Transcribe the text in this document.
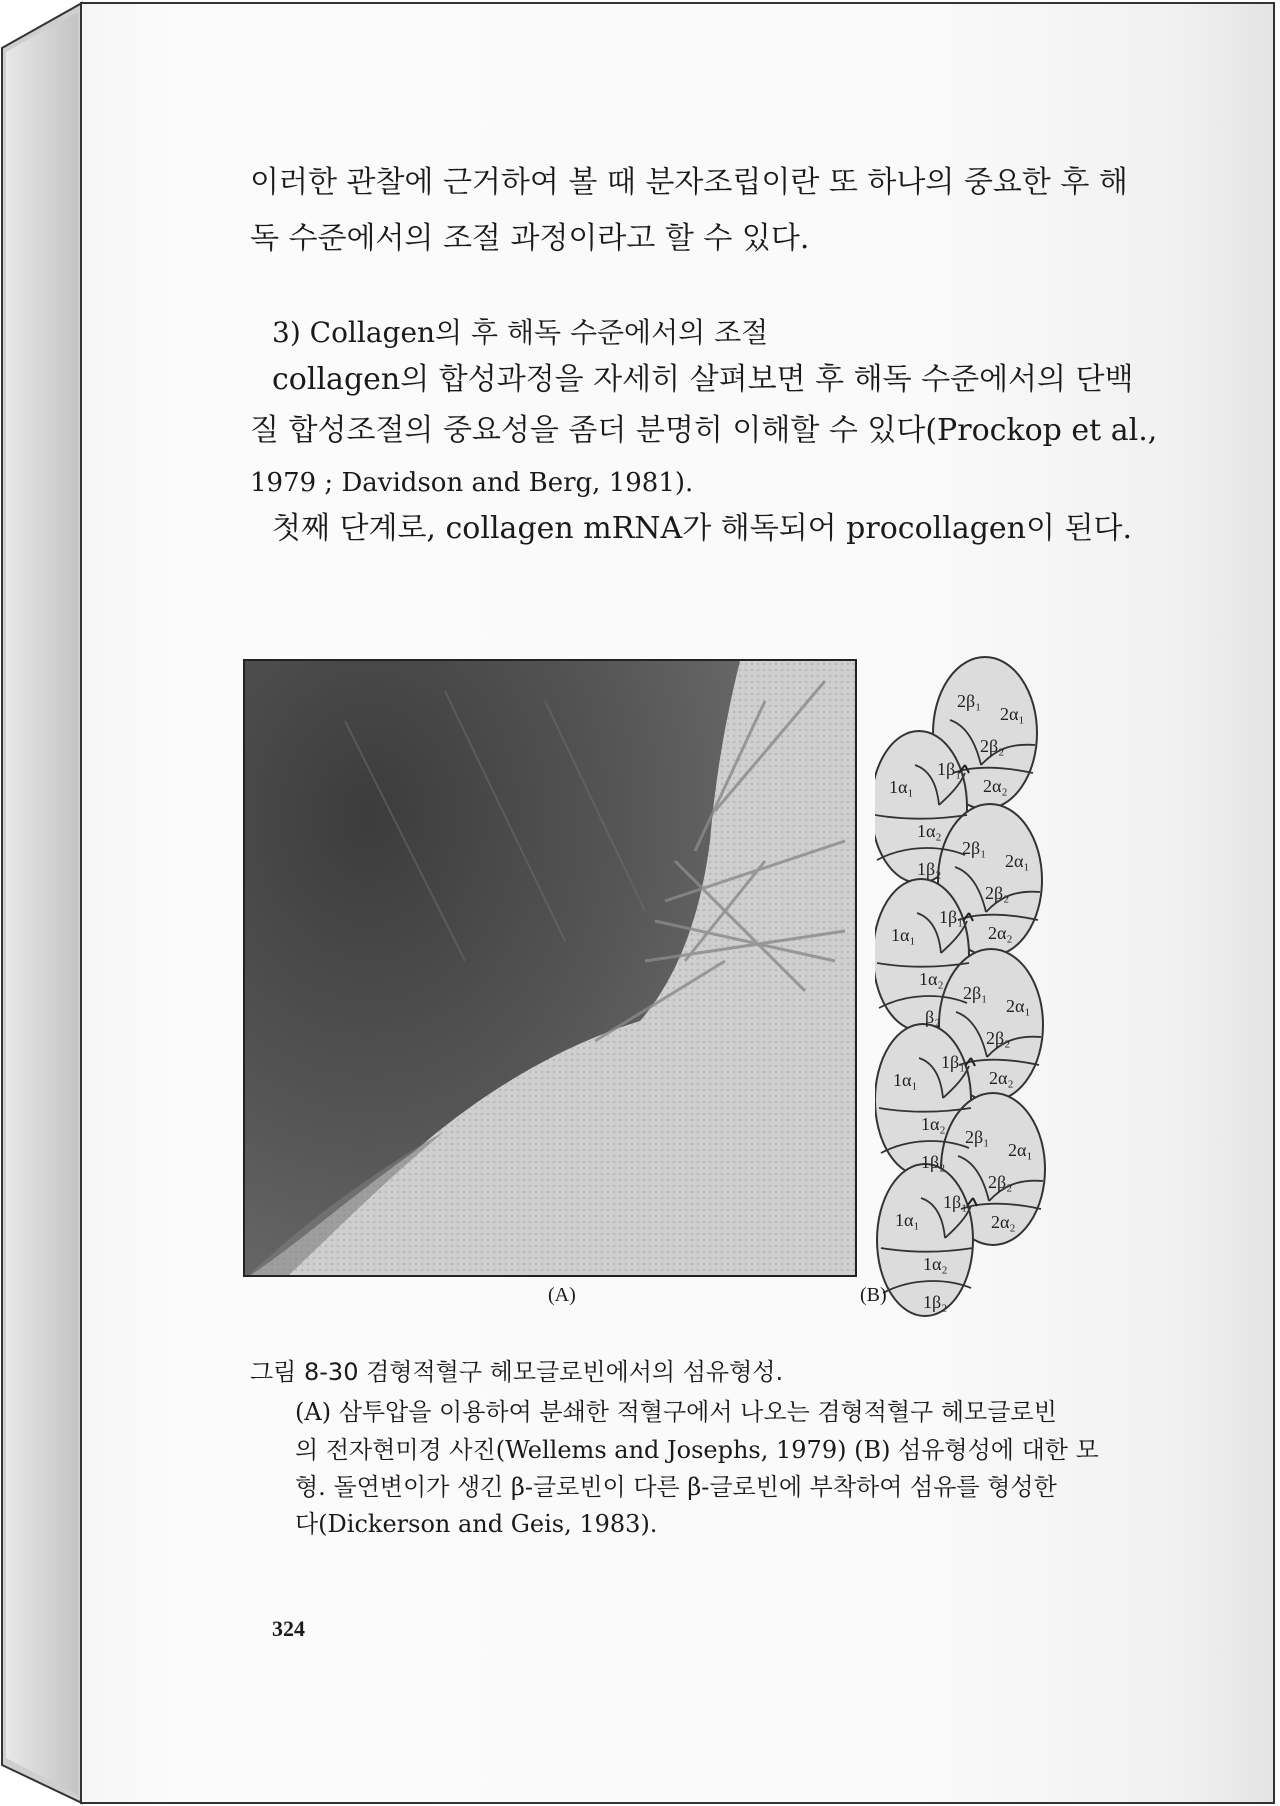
이러한 관찰에 근거하여 볼 때 분자조립이란 또 하나의 중요한 후 해
독 수준에서의 조절 과정이라고 할 수 있다.
3) Collagen의 후 해독 수준에서의 조절
collagen의 합성과정을 자세히 살펴보면 후 해독 수준에서의 단백
질 합성조절의 중요성을 좀더 분명히 이해할 수 있다(Prockop et al.,
1979 ; Davidson and Berg, 1981).
첫째 단계로, collagen mRNA가 해독되어 procollagen이 된다.
2β₁
2α₁
2β₂
2α₂
1β₁
1α₁
1α₂
1β₂
2β₁
2α₁
2β₂
2α₂
1β₁
1α₁
1α₂
β₂
2β₁
2α₁
2β₂
2α₂
1β₁
1α₁
1α₂
1β₂
2β₁
2α₁
2β₂
2α₂
1β₁
1α₁
1α₂
1β₂
(A)	(B)
그림 8-30 겸형적혈구 헤모글로빈에서의 섬유형성.
(A) 삼투압을 이용하여 분쇄한 적혈구에서 나오는 겸형적혈구 헤모글로빈
의 전자현미경 사진(Wellems and Josephs, 1979) (B) 섬유형성에 대한 모
형. 돌연변이가 생긴 β-글로빈이 다른 β-글로빈에 부착하여 섬유를 형성한
다(Dickerson and Geis, 1983).
324
